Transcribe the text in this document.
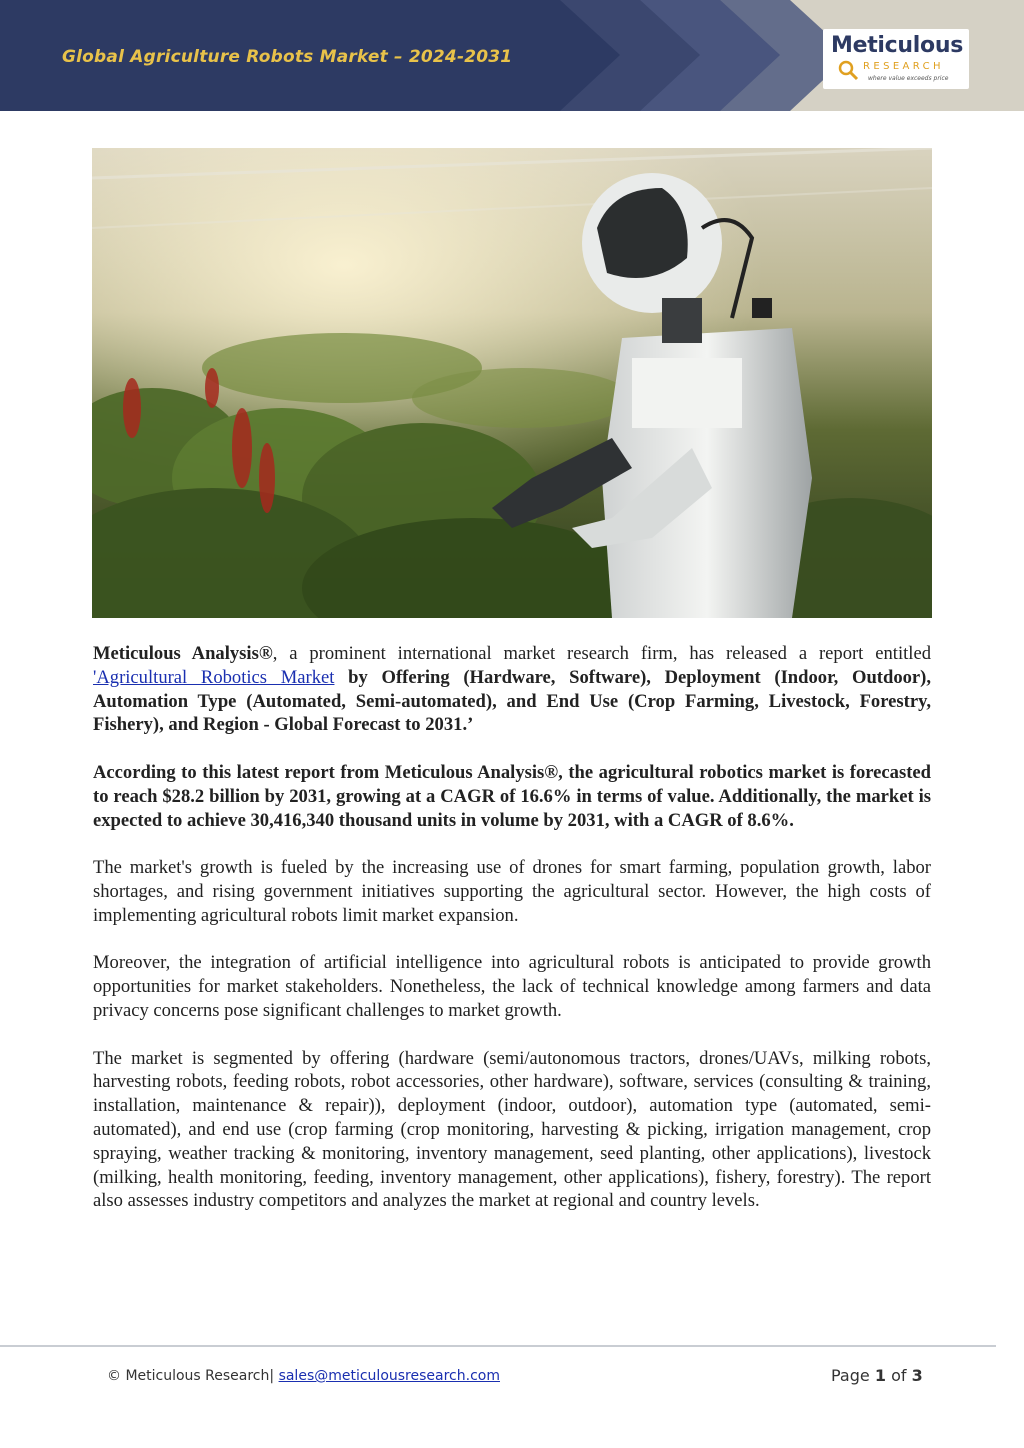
Global Agriculture Robots Market – 2024-2031	Meticulous
RESEARCH
where value exceeds price

Meticulous Analysis®, a prominent international market research firm, has released a report entitled 'Agricultural Robotics Market by Offering (Hardware, Software), Deployment (Indoor, Outdoor), Automation Type (Automated, Semi-automated), and End Use (Crop Farming, Livestock, Forestry, Fishery), and Region - Global Forecast to 2031.’

According to this latest report from Meticulous Analysis®, the agricultural robotics market is forecasted to reach $28.2 billion by 2031, growing at a CAGR of 16.6% in terms of value. Additionally, the market is expected to achieve 30,416,340 thousand units in volume by 2031, with a CAGR of 8.6%.

The market's growth is fueled by the increasing use of drones for smart farming, population growth, labor shortages, and rising government initiatives supporting the agricultural sector. However, the high costs of implementing agricultural robots limit market expansion.

Moreover, the integration of artificial intelligence into agricultural robots is anticipated to provide growth opportunities for market stakeholders. Nonetheless, the lack of technical knowledge among farmers and data privacy concerns pose significant challenges to market growth.

The market is segmented by offering (hardware (semi/autonomous tractors, drones/UAVs, milking robots, harvesting robots, feeding robots, robot accessories, other hardware), software, services (consulting & training, installation, maintenance & repair)), deployment (indoor, outdoor), automation type (automated, semi-automated), and end use (crop farming (crop monitoring, harvesting & picking, irrigation management, crop spraying, weather tracking & monitoring, inventory management, seed planting, other applications), livestock (milking, health monitoring, feeding, inventory management, other applications), fishery, forestry). The report also assesses industry competitors and analyzes the market at regional and country levels.

© Meticulous Research| sales@meticulousresearch.com	Page 1 of 3
